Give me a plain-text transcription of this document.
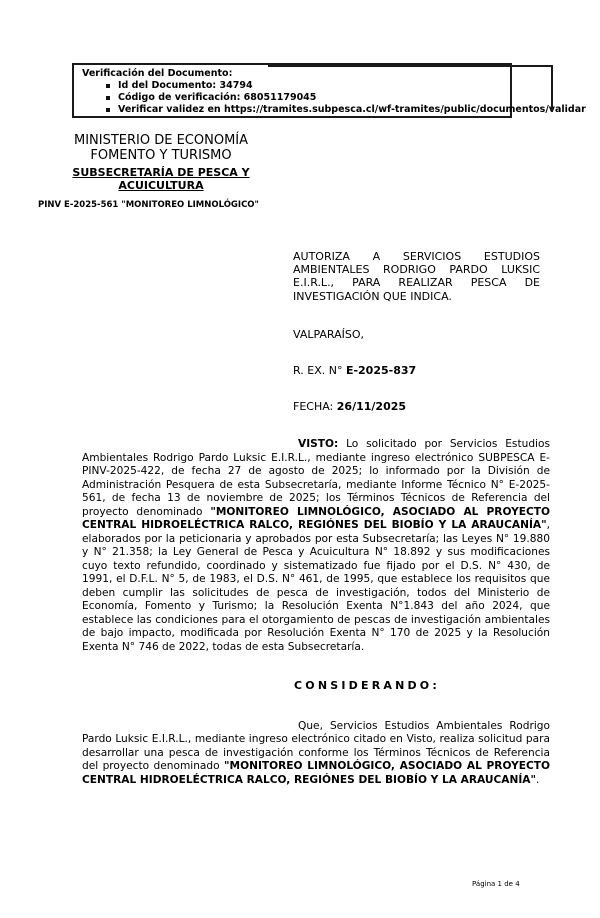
Verificación del Documento:
Id del Documento: 34794
Código de verificación: 68051179045
Verificar validez en https://tramites.subpesca.cl/wf-tramites/public/documentos/validar
MINISTERIO DE ECONOMÍA
FOMENTO Y TURISMO
SUBSECRETARÍA DE PESCA Y
ACUICULTURA
PINV E-2025-561 "MONITOREO LIMNOLÓGICO"
AUTORIZA A SERVICIOS ESTUDIOS AMBIENTALES RODRIGO PARDO LUKSIC E.I.R.L., PARA REALIZAR PESCA DE INVESTIGACIÓN QUE INDICA.
VALPARAÍSO,
R. EX. N° E-2025-837
FECHA: 26/11/2025

VISTO: Lo solicitado por Servicios Estudios Ambientales Rodrigo Pardo Luksic E.I.R.L., mediante ingreso electrónico SUBPESCA E-PINV-2025-422, de fecha 27 de agosto de 2025; lo informado por la División de Administración Pesquera de esta Subsecretaría, mediante Informe Técnico N° E-2025-561, de fecha 13 de noviembre de 2025; los Términos Técnicos de Referencia del proyecto denominado "MONITOREO LIMNOLÓGICO, ASOCIADO AL PROYECTO CENTRAL HIDROELÉCTRICA RALCO, REGIÓNES DEL BIOBÍO Y LA ARAUCANÍA", elaborados por la peticionaria y aprobados por esta Subsecretaría; las Leyes N° 19.880 y N° 21.358; la Ley General de Pesca y Acuicultura N° 18.892 y sus modificaciones cuyo texto refundido, coordinado y sistematizado fue fijado por el D.S. N° 430, de 1991, el D.F.L. N° 5, de 1983, el D.S. N° 461, de 1995, que establece los requisitos que deben cumplir las solicitudes de pesca de investigación, todos del Ministerio de Economía, Fomento y Turismo; la Resolución Exenta N°1.843 del año 2024, que establece las condiciones para el otorgamiento de pescas de investigación ambientales de bajo impacto, modificada por Resolución Exenta N° 170 de 2025 y la Resolución Exenta N° 746 de 2022, todas de esta Subsecretaría.

CONSIDERANDO:

Que, Servicios Estudios Ambientales Rodrigo Pardo Luksic E.I.R.L., mediante ingreso electrónico citado en Visto, realiza solicitud para desarrollar una pesca de investigación conforme los Términos Técnicos de Referencia del proyecto denominado "MONITOREO LIMNOLÓGICO, ASOCIADO AL PROYECTO CENTRAL HIDROELÉCTRICA RALCO, REGIÓNES DEL BIOBÍO Y LA ARAUCANÍA".

Página 1 de 4
